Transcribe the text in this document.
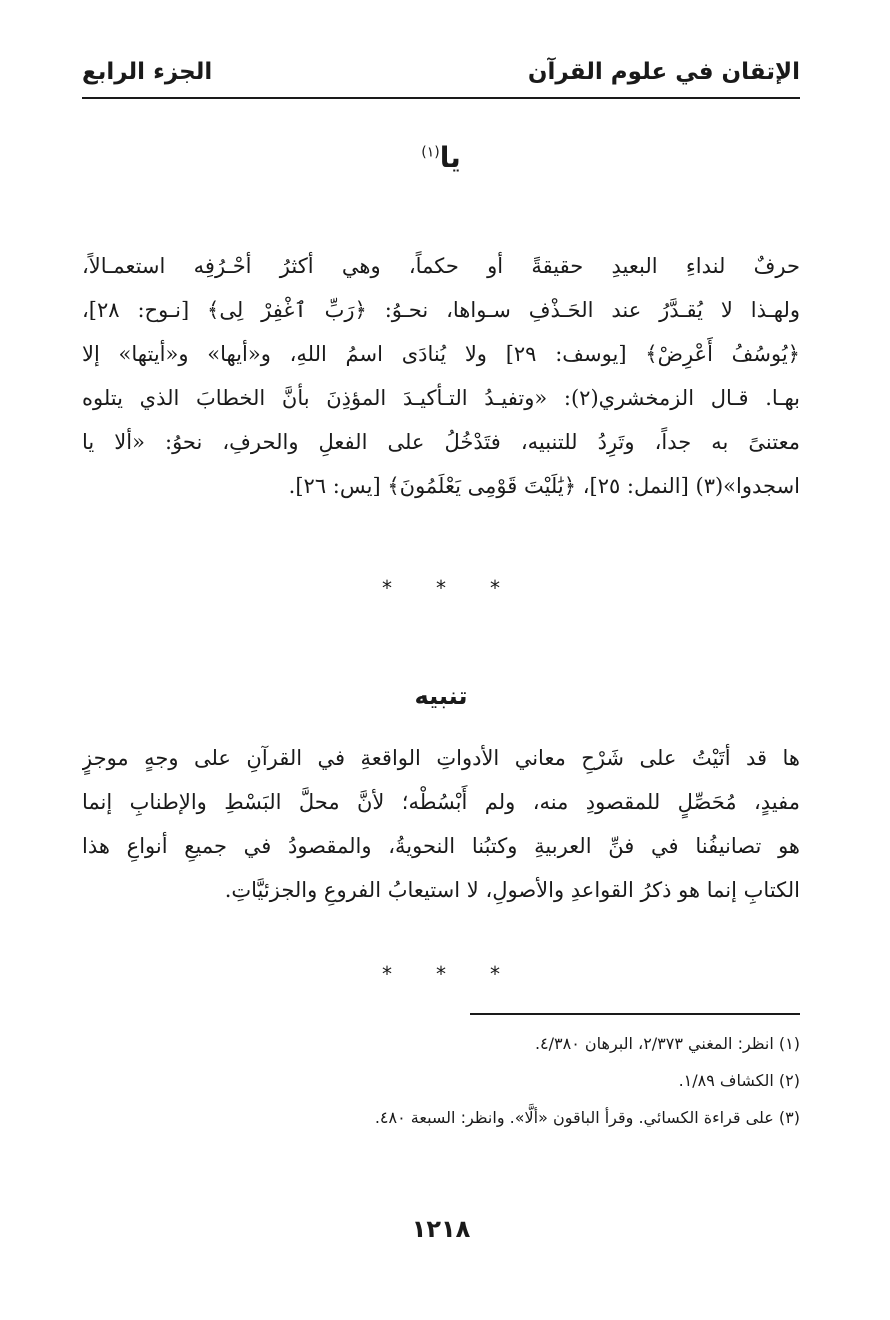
الإتقان في علوم القرآن
الجزء الرابع
يا$^{(١)}$
حرفٌ لنداءِ البعيدِ حقيقةً أو حكماً، وهي أكثرُ أحْـرُفِه استعمـالاً،
ولهـذا لا يُقـدَّرُ عند الحَـذْفِ سـواها، نحـوُ: ﴿رَبِّ ٱغْفِرْ لِى﴾ [نـوح: ٢٨]،
﴿يُوسُفُ أَعْرِضْ﴾ [يوسف: ٢٩] ولا يُنادَى اسمُ اللهِ، و«أيها» و«أيتها» إلا
بهـا. قـال الزمخشري(٢): «وتفيـدُ التـأكيـدَ المؤذِنَ بأنَّ الخطابَ الذي يتلوه
معتنىً به جداً، وتَرِدُ للتنبيه، فتَدْخُلُ على الفعلِ والحرفِ، نحوُ: «ألا يا
اسجدوا»(٣) [النمل: ٢٥]، ﴿يَٰلَيْتَ قَوْمِى يَعْلَمُونَ﴾ [يس: ٢٦].
* * *
تنبيه
ها قد أتَيْتُ على شَرْحِ معاني الأدواتِ الواقعةِ في القرآنِ على وجهٍ موجزٍ
مفيدٍ، مُحَصِّلٍ للمقصودِ منه، ولم أَبْسُطْه؛ لأنَّ محلَّ البَسْطِ والإطنابِ إنما
هو تصانيفُنا في فنِّ العربيةِ وكتبُنا النحويةُ، والمقصودُ في جميعِ أنواعِ هذا
الكتابِ إنما هو ذكرُ القواعدِ والأصولِ، لا استيعابُ الفروعِ والجزئيَّاتِ.
* * *
(١) انظر: المغني ٢/٣٧٣، البرهان ٤/٣٨٠.
(٢) الكشاف ١/٨٩.
(٣) على قراءة الكسائي. وقرأ الباقون «ألَّا». وانظر: السبعة ٤٨٠.
١٢١٨
